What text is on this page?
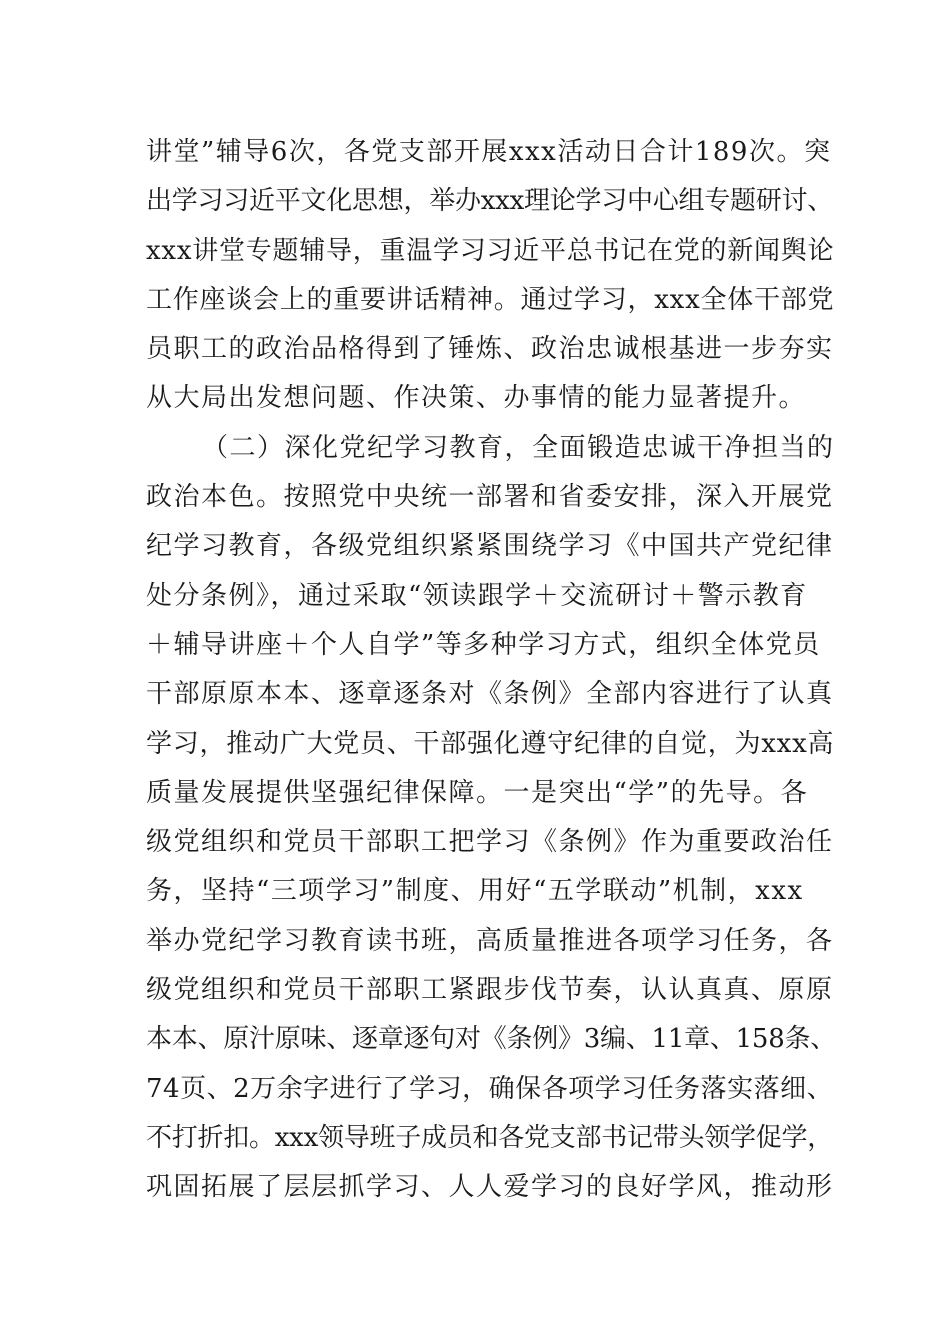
讲堂”辅导6次，各党支部开展xxx活动日合计189次。突
出学习习近平文化思想，举办xxx理论学习中心组专题研讨、
xxx讲堂专题辅导，重温学习习近平总书记在党的新闻舆论
工作座谈会上的重要讲话精神。通过学习，xxx全体干部党
员职工的政治品格得到了锤炼、政治忠诚根基进一步夯实
从大局出发想问题、作决策、办事情的能力显著提升。
（二）深化党纪学习教育，全面锻造忠诚干净担当的
政治本色。按照党中央统一部署和省委安排，深入开展党
纪学习教育，各级党组织紧紧围绕学习《中国共产党纪律
处分条例》，通过采取“领读跟学＋交流研讨＋警示教育
＋辅导讲座＋个人自学”等多种学习方式，组织全体党员
干部原原本本、逐章逐条对《条例》全部内容进行了认真
学习，推动广大党员、干部强化遵守纪律的自觉，为xxx高
质量发展提供坚强纪律保障。一是突出“学”的先导。各
级党组织和党员干部职工把学习《条例》作为重要政治任
务，坚持“三项学习”制度、用好“五学联动”机制，xxx
举办党纪学习教育读书班，高质量推进各项学习任务，各
级党组织和党员干部职工紧跟步伐节奏，认认真真、原原
本本、原汁原味、逐章逐句对《条例》3编、11章、158条、
74页、2万余字进行了学习，确保各项学习任务落实落细、
不打折扣。xxx领导班子成员和各党支部书记带头领学促学，
巩固拓展了层层抓学习、人人爱学习的良好学风，推动形
